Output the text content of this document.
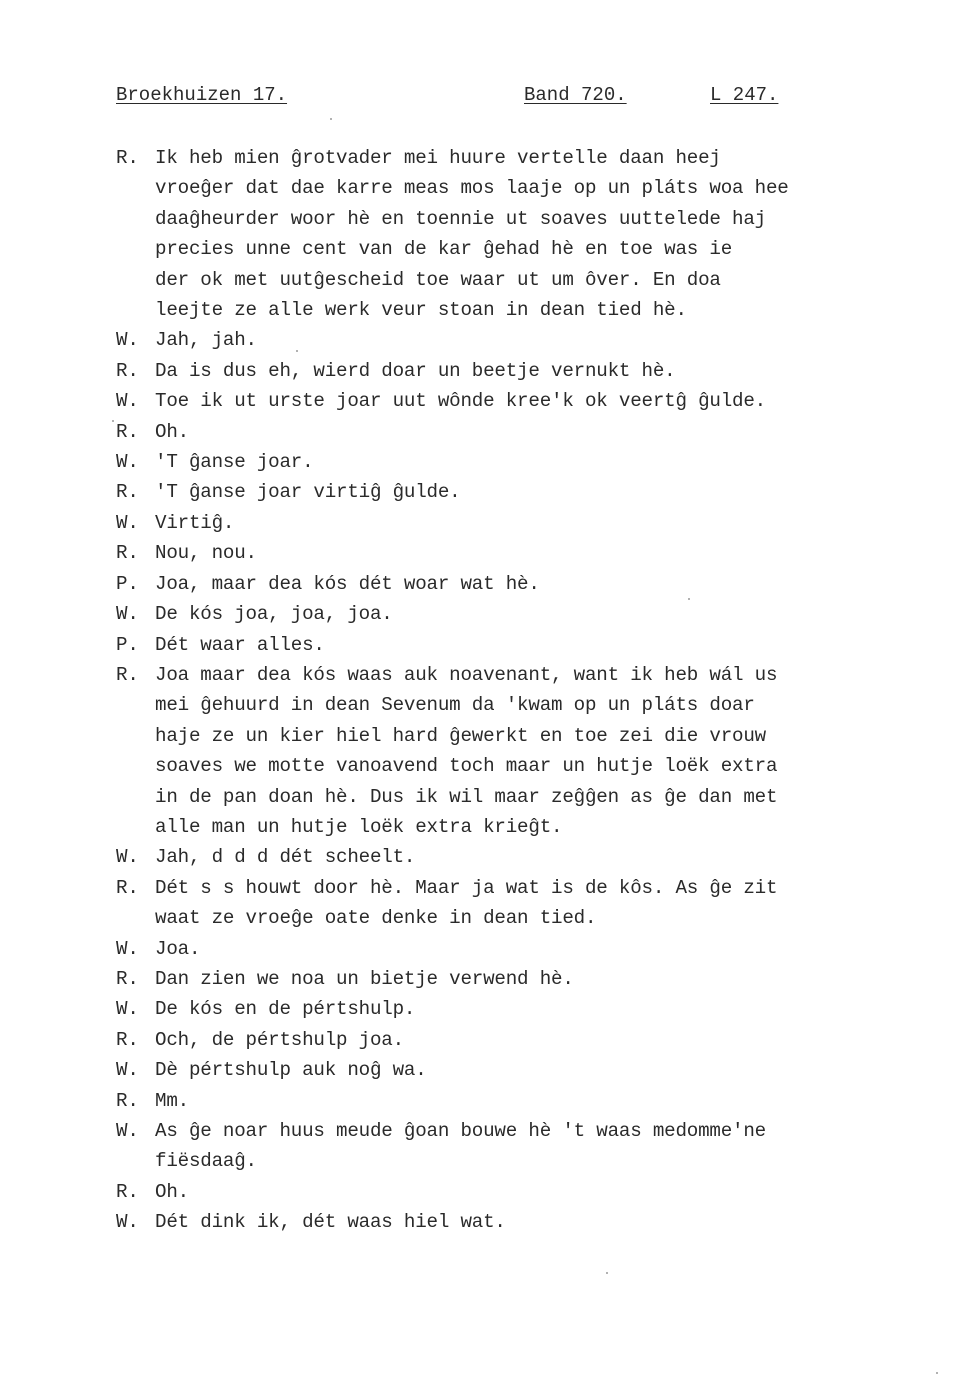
Broekhuizen 17.	Band 720.	L 247.
R. Ik heb mien ĝrotvader mei huure vertelle daan heej
vroeĝer dat dae karre meas mos laaje op un pláts woa hee
daaĝheurder woor hè en toennie ut soaves uuttelede haj
precies unne cent van de kar ĝehad hè en toe was ie
der ok met uutĝescheid toe waar ut um ôver. En doa
leejte ze alle werk veur stoan in dean tied hè.
W. Jah, jah.
R. Da is dus eh, wierd doar un beetje vernukt hè.
W. Toe ik ut urste joar uut wônde kree'k ok veertĝ ĝulde.
R. Oh.
W. 'T ĝanse joar.
R. 'T ĝanse joar virtiĝ ĝulde.
W. Virtiĝ.
R. Nou, nou.
P. Joa, maar dea kós dét woar wat hè.
W. De kós joa, joa, joa.
P. Dét waar alles.
R. Joa maar dea kós waas auk noavenant, want ik heb wál us
mei ĝehuurd in dean Sevenum da 'kwam op un pláts doar
haje ze un kier hiel hard ĝewerkt en toe zei die vrouw
soaves we motte vanoavend toch maar un hutje loëk extra
in de pan doan hè. Dus ik wil maar zeĝĝen as ĝe dan met
alle man un hutje loëk extra krieĝt.
W. Jah, d d d dét scheelt.
R. Dét s s houwt door hè. Maar ja wat is de kôs. As ĝe zit
waat ze vroeĝe oate denke in dean tied.
W. Joa.
R. Dan zien we noa un bietje verwend hè.
W. De kós en de pértshulp.
R. Och, de pértshulp joa.
W. Dè pértshulp auk noĝ wa.
R. Mm.
W. As ĝe noar huus meude ĝoan bouwe hè 't waas medomme'ne
fiësdaaĝ.
R. Oh.
W. Dét dink ik, dét waas hiel wat.
